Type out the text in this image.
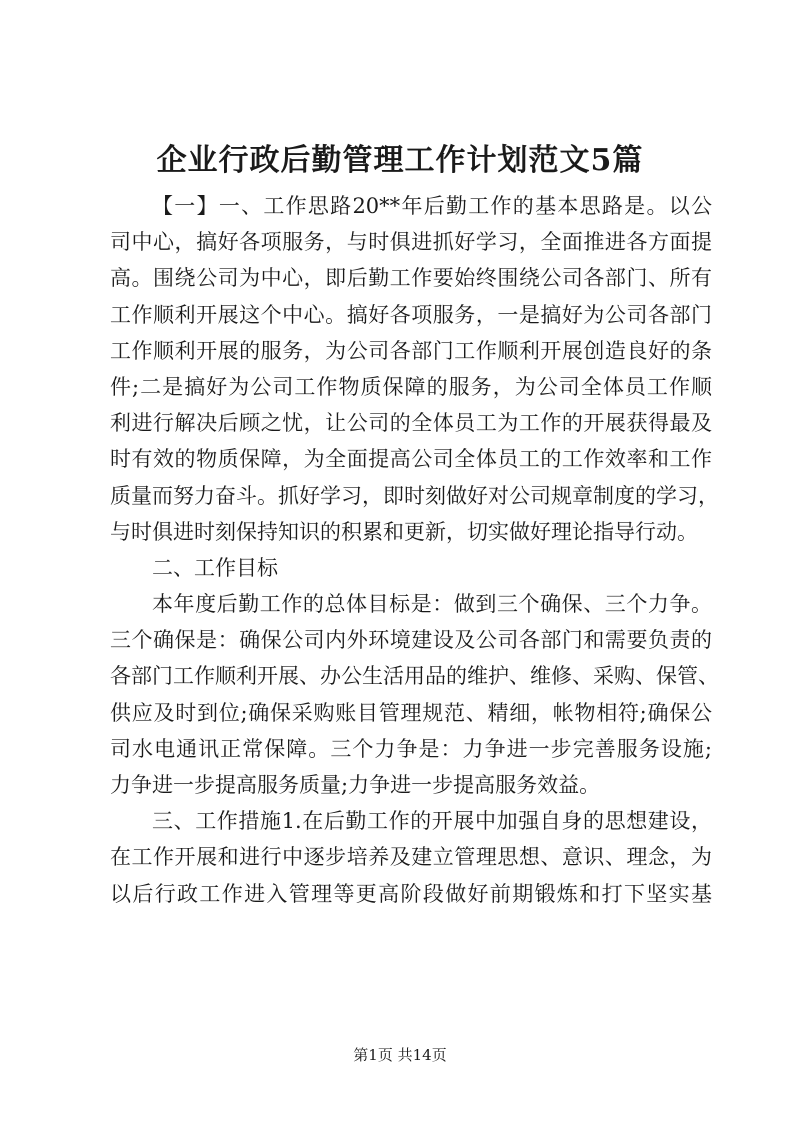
企业行政后勤管理工作计划范文5篇
【一】一、工作思路20**年后勤工作的基本思路是。以公
司中心，搞好各项服务，与时俱进抓好学习，全面推进各方面提
高。围绕公司为中心，即后勤工作要始终围绕公司各部门、所有
工作顺利开展这个中心。搞好各项服务，一是搞好为公司各部门
工作顺利开展的服务，为公司各部门工作顺利开展创造良好的条
件;二是搞好为公司工作物质保障的服务，为公司全体员工作顺
利进行解决后顾之忧，让公司的全体员工为工作的开展获得最及
时有效的物质保障，为全面提高公司全体员工的工作效率和工作
质量而努力奋斗。抓好学习，即时刻做好对公司规章制度的学习，
与时俱进时刻保持知识的积累和更新，切实做好理论指导行动。
二、工作目标
本年度后勤工作的总体目标是：做到三个确保、三个力争。
三个确保是：确保公司内外环境建设及公司各部门和需要负责的
各部门工作顺利开展、办公生活用品的维护、维修、采购、保管、
供应及时到位;确保采购账目管理规范、精细，帐物相符;确保公
司水电通讯正常保障。三个力争是：力争进一步完善服务设施;
力争进一步提高服务质量;力争进一步提高服务效益。
三、工作措施1.在后勤工作的开展中加强自身的思想建设，
在工作开展和进行中逐步培养及建立管理思想、意识、理念，为
以后行政工作进入管理等更高阶段做好前期锻炼和打下坚实基

第1页 共14页
